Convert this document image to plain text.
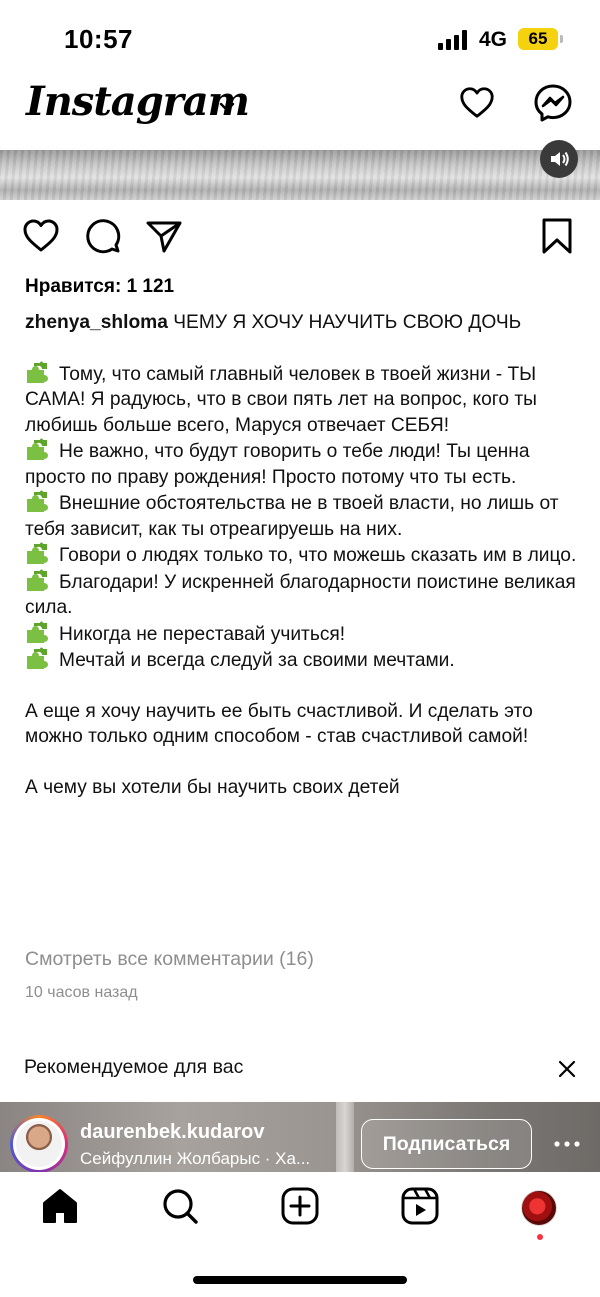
10:57	4G	65
Instagram
Нравится: 1 121

zhenya_shloma ЧЕМУ Я ХОЧУ НАУЧИТЬ СВОЮ ДОЧЬ

Тому, что самый главный человек в твоей жизни - ТЫ САМА! Я радуюсь, что в свои пять лет на вопрос, кого ты любишь больше всего, Маруся отвечает СЕБЯ!

Не важно, что будут говорить о тебе люди! Ты ценна просто по праву рождения! Просто потому что ты есть.

Внешние обстоятельства не в твоей власти, но лишь от тебя зависит, как ты отреагируешь на них.

Говори о людях только то, что можешь сказать им в лицо.

Благодари! У искренней благодарности поистине великая сила.

Никогда не переставай учиться!

Мечтай и всегда следуй за своими мечтами.

А еще я хочу научить ее быть счастливой. И сделать это можно только одним способом - став счастливой самой!

А чему вы хотели бы научить своих детей

Смотреть все комментарии (16)
10 часов назад
Рекомендуемое для вас
daurenbek.kudarov
Сейфуллин Жолбарыс · Ха...
Подписаться
